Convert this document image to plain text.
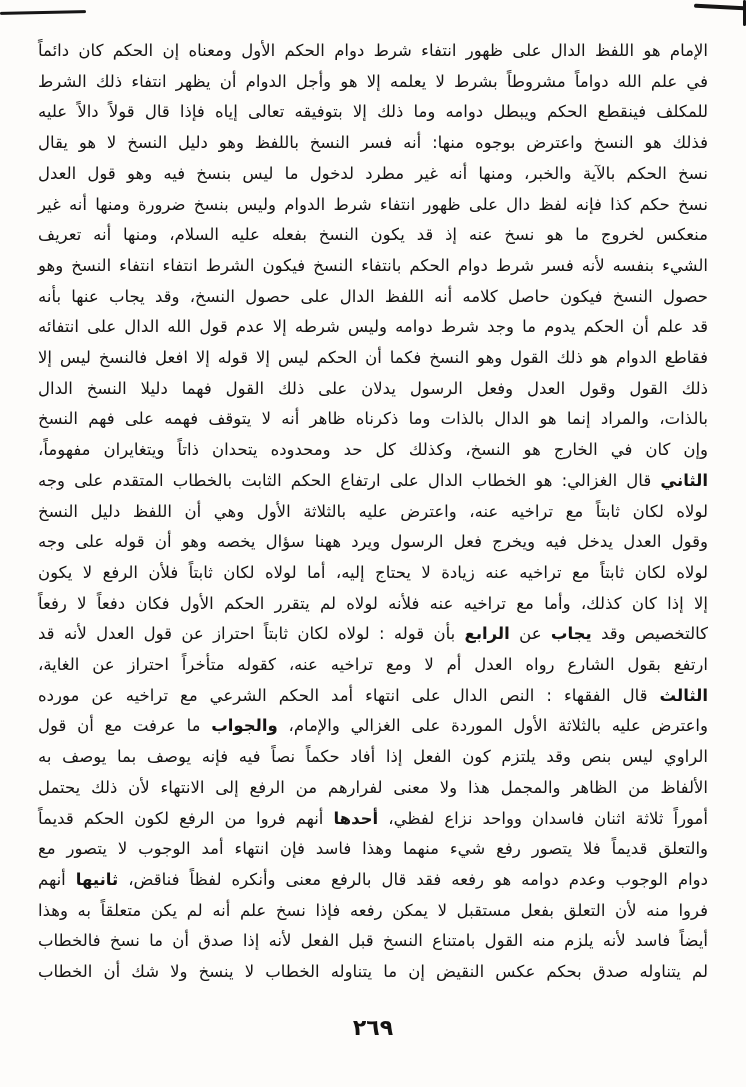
الإمام هو اللفظ الدال على ظهور انتفاء شرط دوام الحكم الأول ومعناه إن الحكم كان دائماً
في علم الله دواماً مشروطاً بشرط لا يعلمه إلا هو وأجل الدوام أن يظهر انتفاء ذلك الشرط
للمكلف فينقطع الحكم ويبطل دوامه وما ذلك إلا بتوفيقه تعالى إياه فإذا قال قولاً دالاً عليه
فذلك هو النسخ واعترض بوجوه منها: أنه فسر النسخ باللفظ وهو دليل النسخ لا هو يقال
نسخ الحكم بالآية والخبر، ومنها أنه غير مطرد لدخول ما ليس بنسخ فيه وهو قول العدل
نسخ حكم كذا فإنه لفظ دال على ظهور انتفاء شرط الدوام وليس بنسخ ضرورة ومنها أنه غير
منعكس لخروج ما هو نسخ عنه إذ قد يكون النسخ بفعله عليه السلام، ومنها أنه تعريف
الشيء بنفسه لأنه فسر شرط دوام الحكم بانتفاء النسخ فيكون الشرط انتفاء انتفاء النسخ وهو
حصول النسخ فيكون حاصل كلامه أنه اللفظ الدال على حصول النسخ، وقد يجاب عنها بأنه
قد علم أن الحكم يدوم ما وجد شرط دوامه وليس شرطه إلا عدم قول الله الدال على انتفائه
فقاطع الدوام هو ذلك القول وهو النسخ فكما أن الحكم ليس إلا قوله إلا افعل فالنسخ ليس إلا
ذلك القول وقول العدل وفعل الرسول يدلان على ذلك القول فهما دليلا النسخ الدال
بالذات، والمراد إنما هو الدال بالذات وما ذكرناه ظاهر أنه لا يتوقف فهمه على فهم النسخ
وإن كان في الخارج هو النسخ، وكذلك كل حد ومحدوده يتحدان ذاتاً ويتغايران مفهوماً،
الثاني قال الغزالي: هو الخطاب الدال على ارتفاع الحكم الثابت بالخطاب المتقدم على وجه
لولاه لكان ثابتاً مع تراخيه عنه، واعترض عليه بالثلاثة الأول وهي أن اللفظ دليل النسخ
وقول العدل يدخل فيه ويخرج فعل الرسول ويرد ههنا سؤال يخصه وهو أن قوله على وجه
لولاه لكان ثابتاً مع تراخيه عنه زيادة لا يحتاج إليه، أما لولاه لكان ثابتاً فلأن الرفع لا يكون
إلا إذا كان كذلك، وأما مع تراخيه عنه فلأنه لولاه لم يتقرر الحكم الأول فكان دفعاً لا رفعاً
كالتخصيص وقد يجاب عن الرابع بأن قوله : لولاه لكان ثابتاً احتراز عن قول العدل لأنه قد
ارتفع بقول الشارع رواه العدل أم لا ومع تراخيه عنه، كقوله متأخراً احتراز عن الغاية،
الثالث قال الفقهاء : النص الدال على انتهاء أمد الحكم الشرعي مع تراخيه عن مورده
واعترض عليه بالثلاثة الأول الموردة على الغزالي والإمام، والجواب ما عرفت مع أن قول
الراوي ليس بنص وقد يلتزم كون الفعل إذا أفاد حكماً نصاً فيه فإنه يوصف بما يوصف به
الألفاظ من الظاهر والمجمل هذا ولا معنى لفرارهم من الرفع إلى الانتهاء لأن ذلك يحتمل
أموراً ثلاثة اثنان فاسدان وواحد نزاع لفظي، أحدها أنهم فروا من الرفع لكون الحكم قديماً
والتعلق قديماً فلا يتصور رفع شيء منهما وهذا فاسد فإن انتهاء أمد الوجوب لا يتصور مع
دوام الوجوب وعدم دوامه هو رفعه فقد قال بالرفع معنى وأنكره لفظاً فناقض، ثانيها أنهم
فروا منه لأن التعلق بفعل مستقبل لا يمكن رفعه فإذا نسخ علم أنه لم يكن متعلقاً به وهذا
أيضاً فاسد لأنه يلزم منه القول بامتناع النسخ قبل الفعل لأنه إذا صدق أن ما نسخ فالخطاب
لم يتناوله صدق بحكم عكس النقيض إن ما يتناوله الخطاب لا ينسخ ولا شك أن الخطاب
٢٦٩
